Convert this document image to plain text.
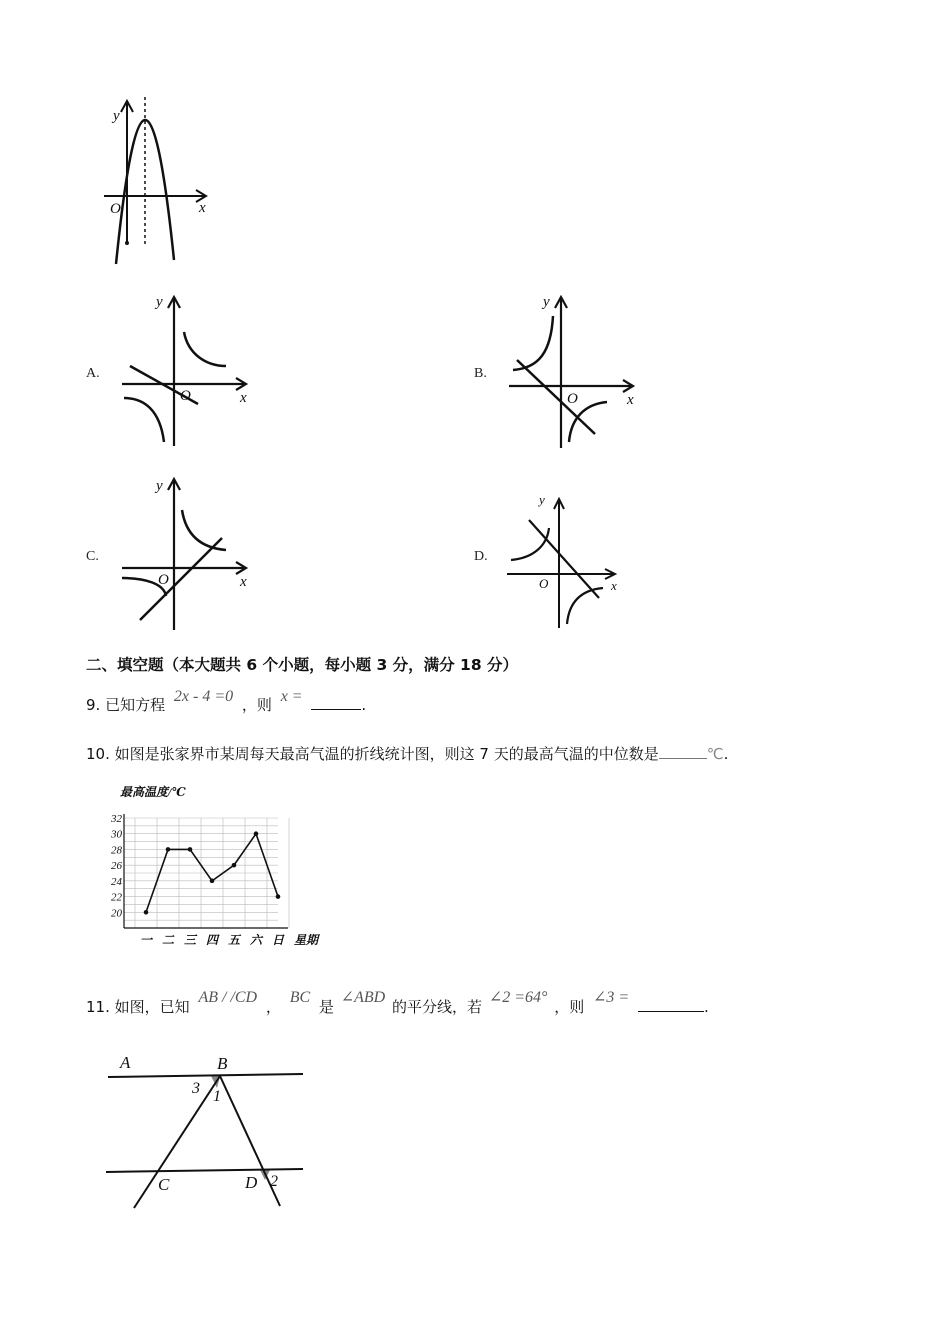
y
x
O
A.
y
x
O
B.
y
x
O
C.
y
x
O
D.
y
x
O
二、填空题（本大题共 6 个小题，每小题 3 分，满分 18 分）
9. 已知方程 2x - 4 =0 ，则 x =	.
10. 如图是张家界市某周每天最高气温的折线统计图，则这 7 天的最高气温的中位数是	℃.
最高温度/℃
20
22
24
26
28
30
32
一 二 三 四 五 六 日 星期
11. 如图，已知 AB / /CD ， BC 是 ∠ABD 的平分线，若 ∠2 =64° ，则 ∠3 = .
A	B
C	D
1
2
3
